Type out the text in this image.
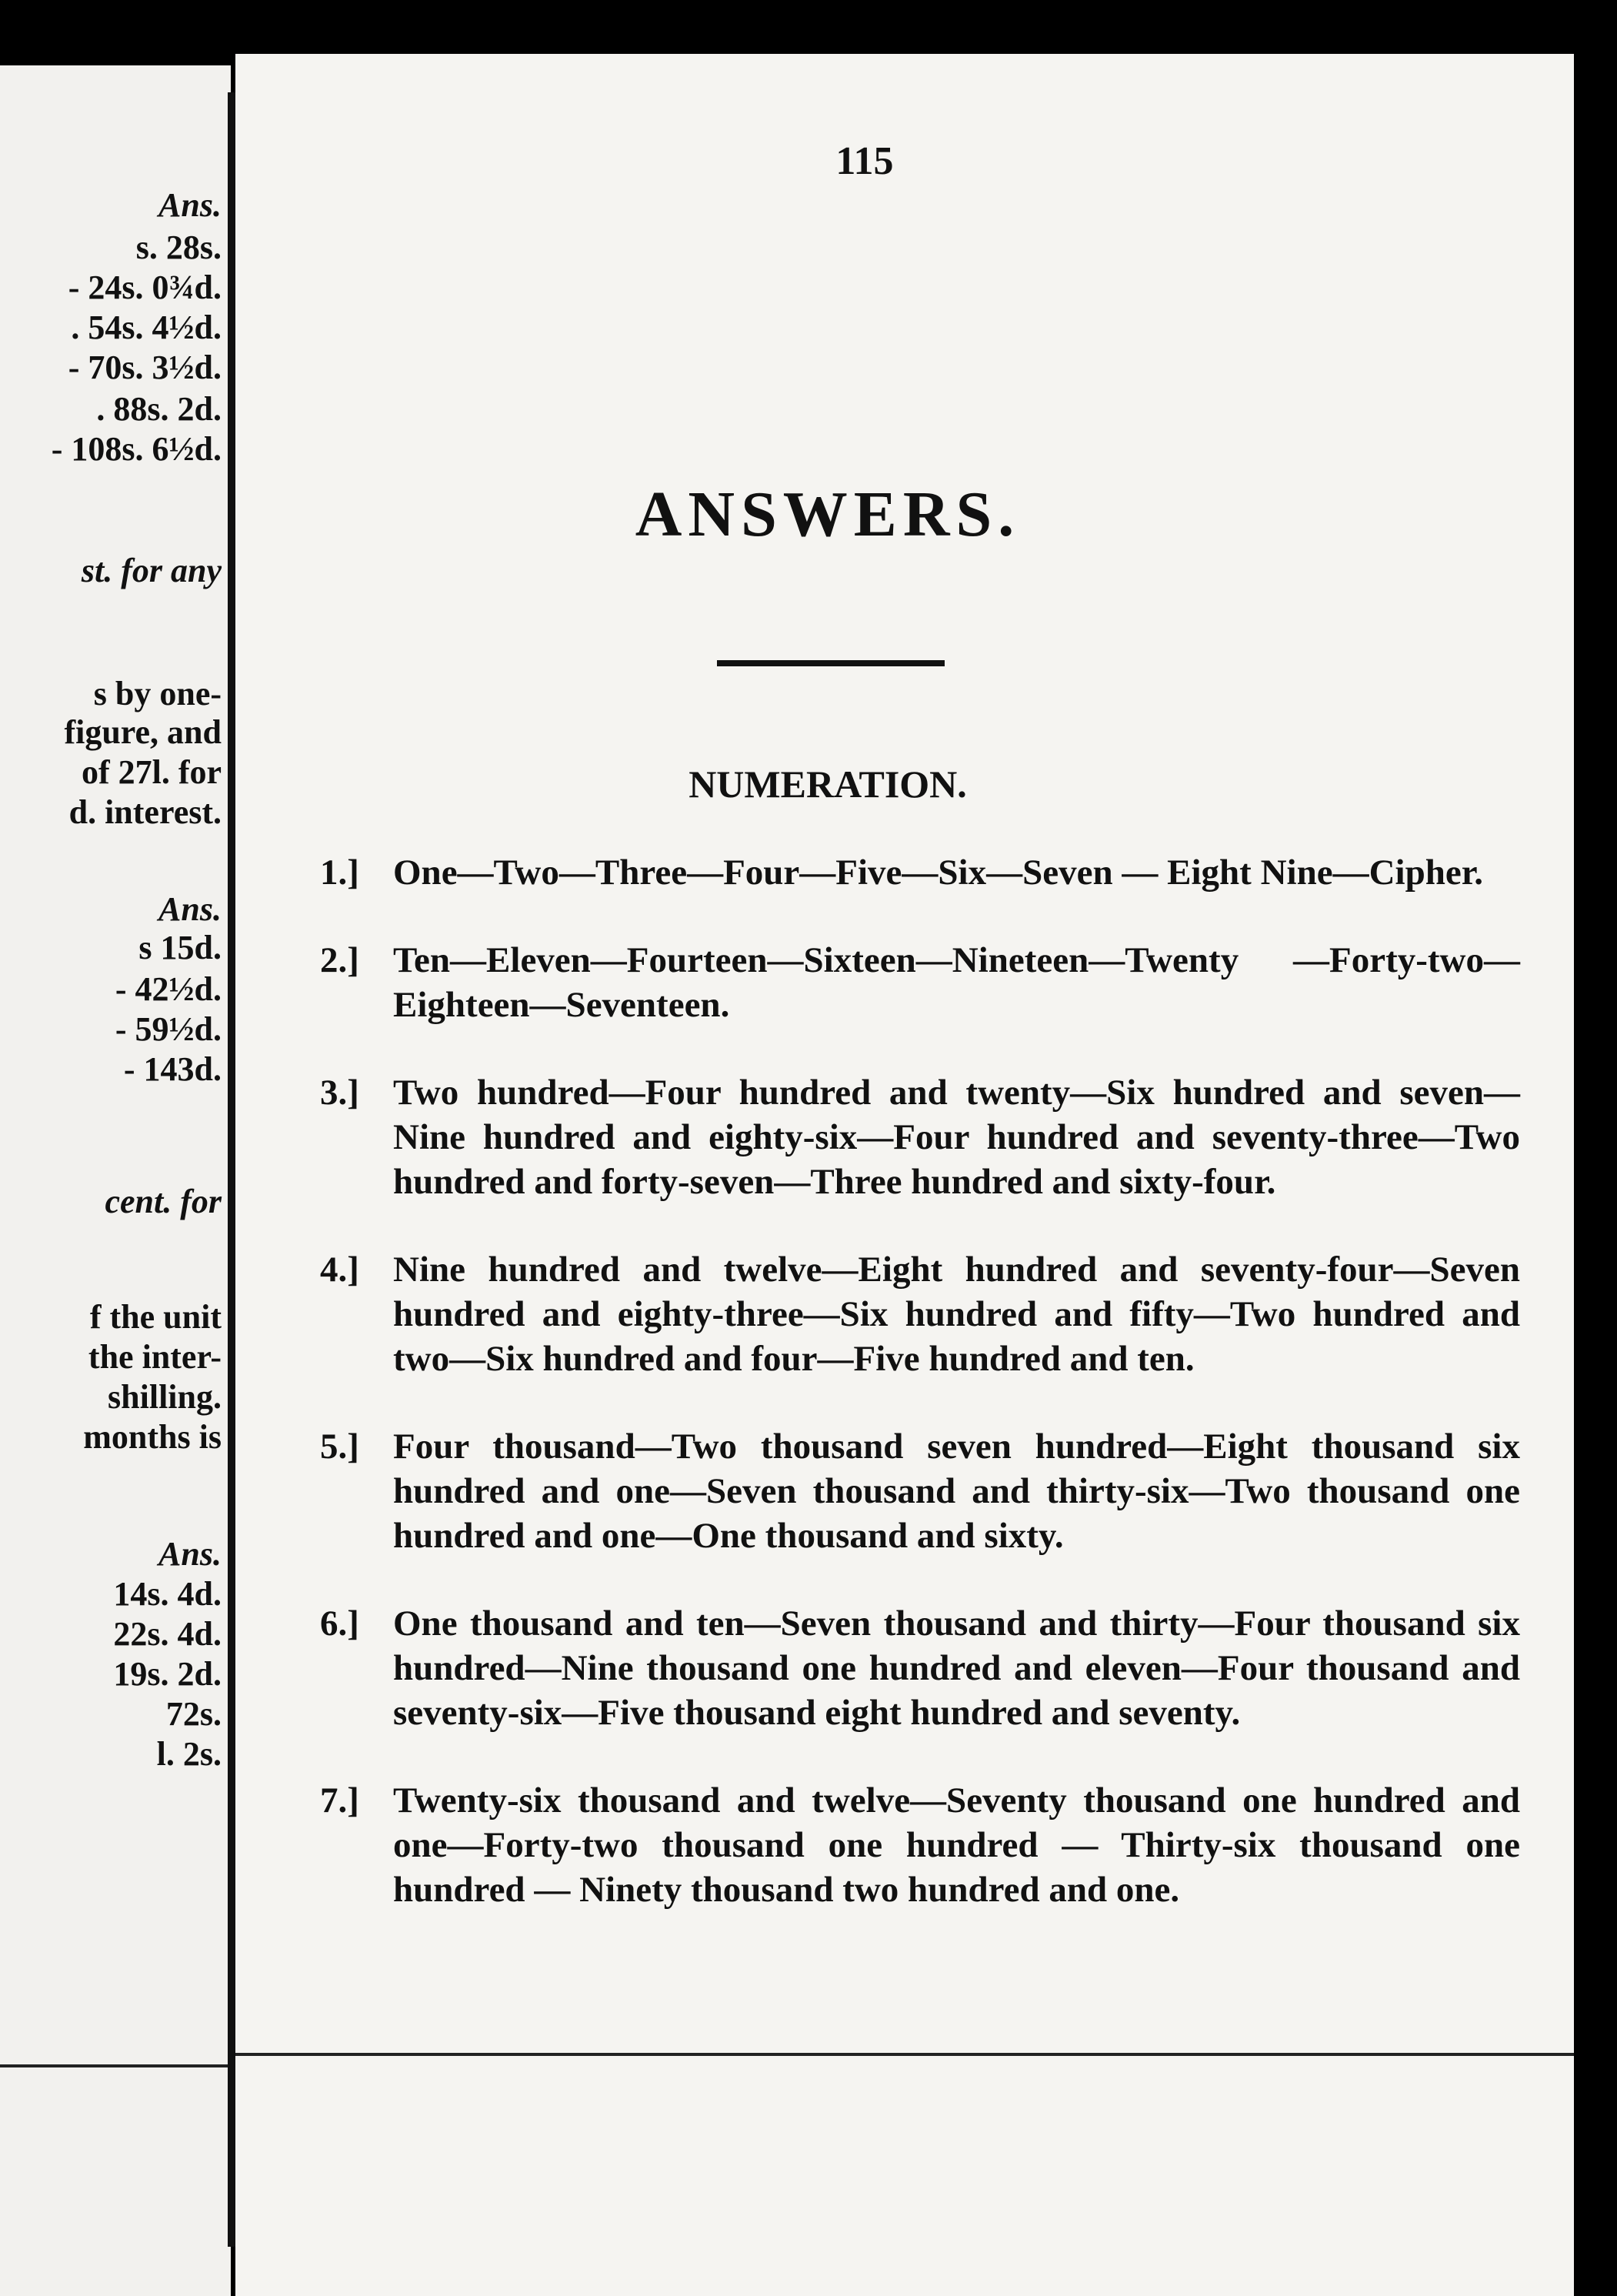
Ans.
s. 28s.
- 24s. 0¾d.
. 54s. 4½d.
- 70s. 3½d.
. 88s. 2d.
- 108s. 6½d.
st. for any
s by one-
figure, and
of 27l. for
d. interest.
Ans.
s 15d.
- 42½d.
- 59½d.
- 143d.
cent. for
f the unit
the inter-
shilling.
months is
Ans.
14s. 4d.
22s. 4d.
19s. 2d.
72s.
l. 2s.
115
ANSWERS.
NUMERATION.
1.] One—Two—Three—Four—Five—Six—Seven — Eight Nine—Cipher.
2.] Ten—Eleven—Fourteen—Sixteen—Nineteen—Twenty —Forty-two—Eighteen—Seventeen.
3.] Two hundred—Four hundred and twenty—Six hundred and seven—Nine hundred and eighty-six—Four hundred and seventy-three—Two hundred and forty-seven—Three hundred and sixty-four.
4.] Nine hundred and twelve—Eight hundred and seventy-four—Seven hundred and eighty-three—Six hundred and fifty—Two hundred and two—Six hundred and four—Five hundred and ten.
5.] Four thousand—Two thousand seven hundred—Eight thousand six hundred and one—Seven thousand and thirty-six—Two thousand one hundred and one—One thousand and sixty.
6.] One thousand and ten—Seven thousand and thirty—Four thousand six hundred—Nine thousand one hundred and eleven—Four thousand and seventy-six—Five thousand eight hundred and seventy.
7.] Twenty-six thousand and twelve—Seventy thousand one hundred and one—Forty-two thousand one hundred — Thirty-six thousand one hundred — Ninety thousand two hundred and one.
